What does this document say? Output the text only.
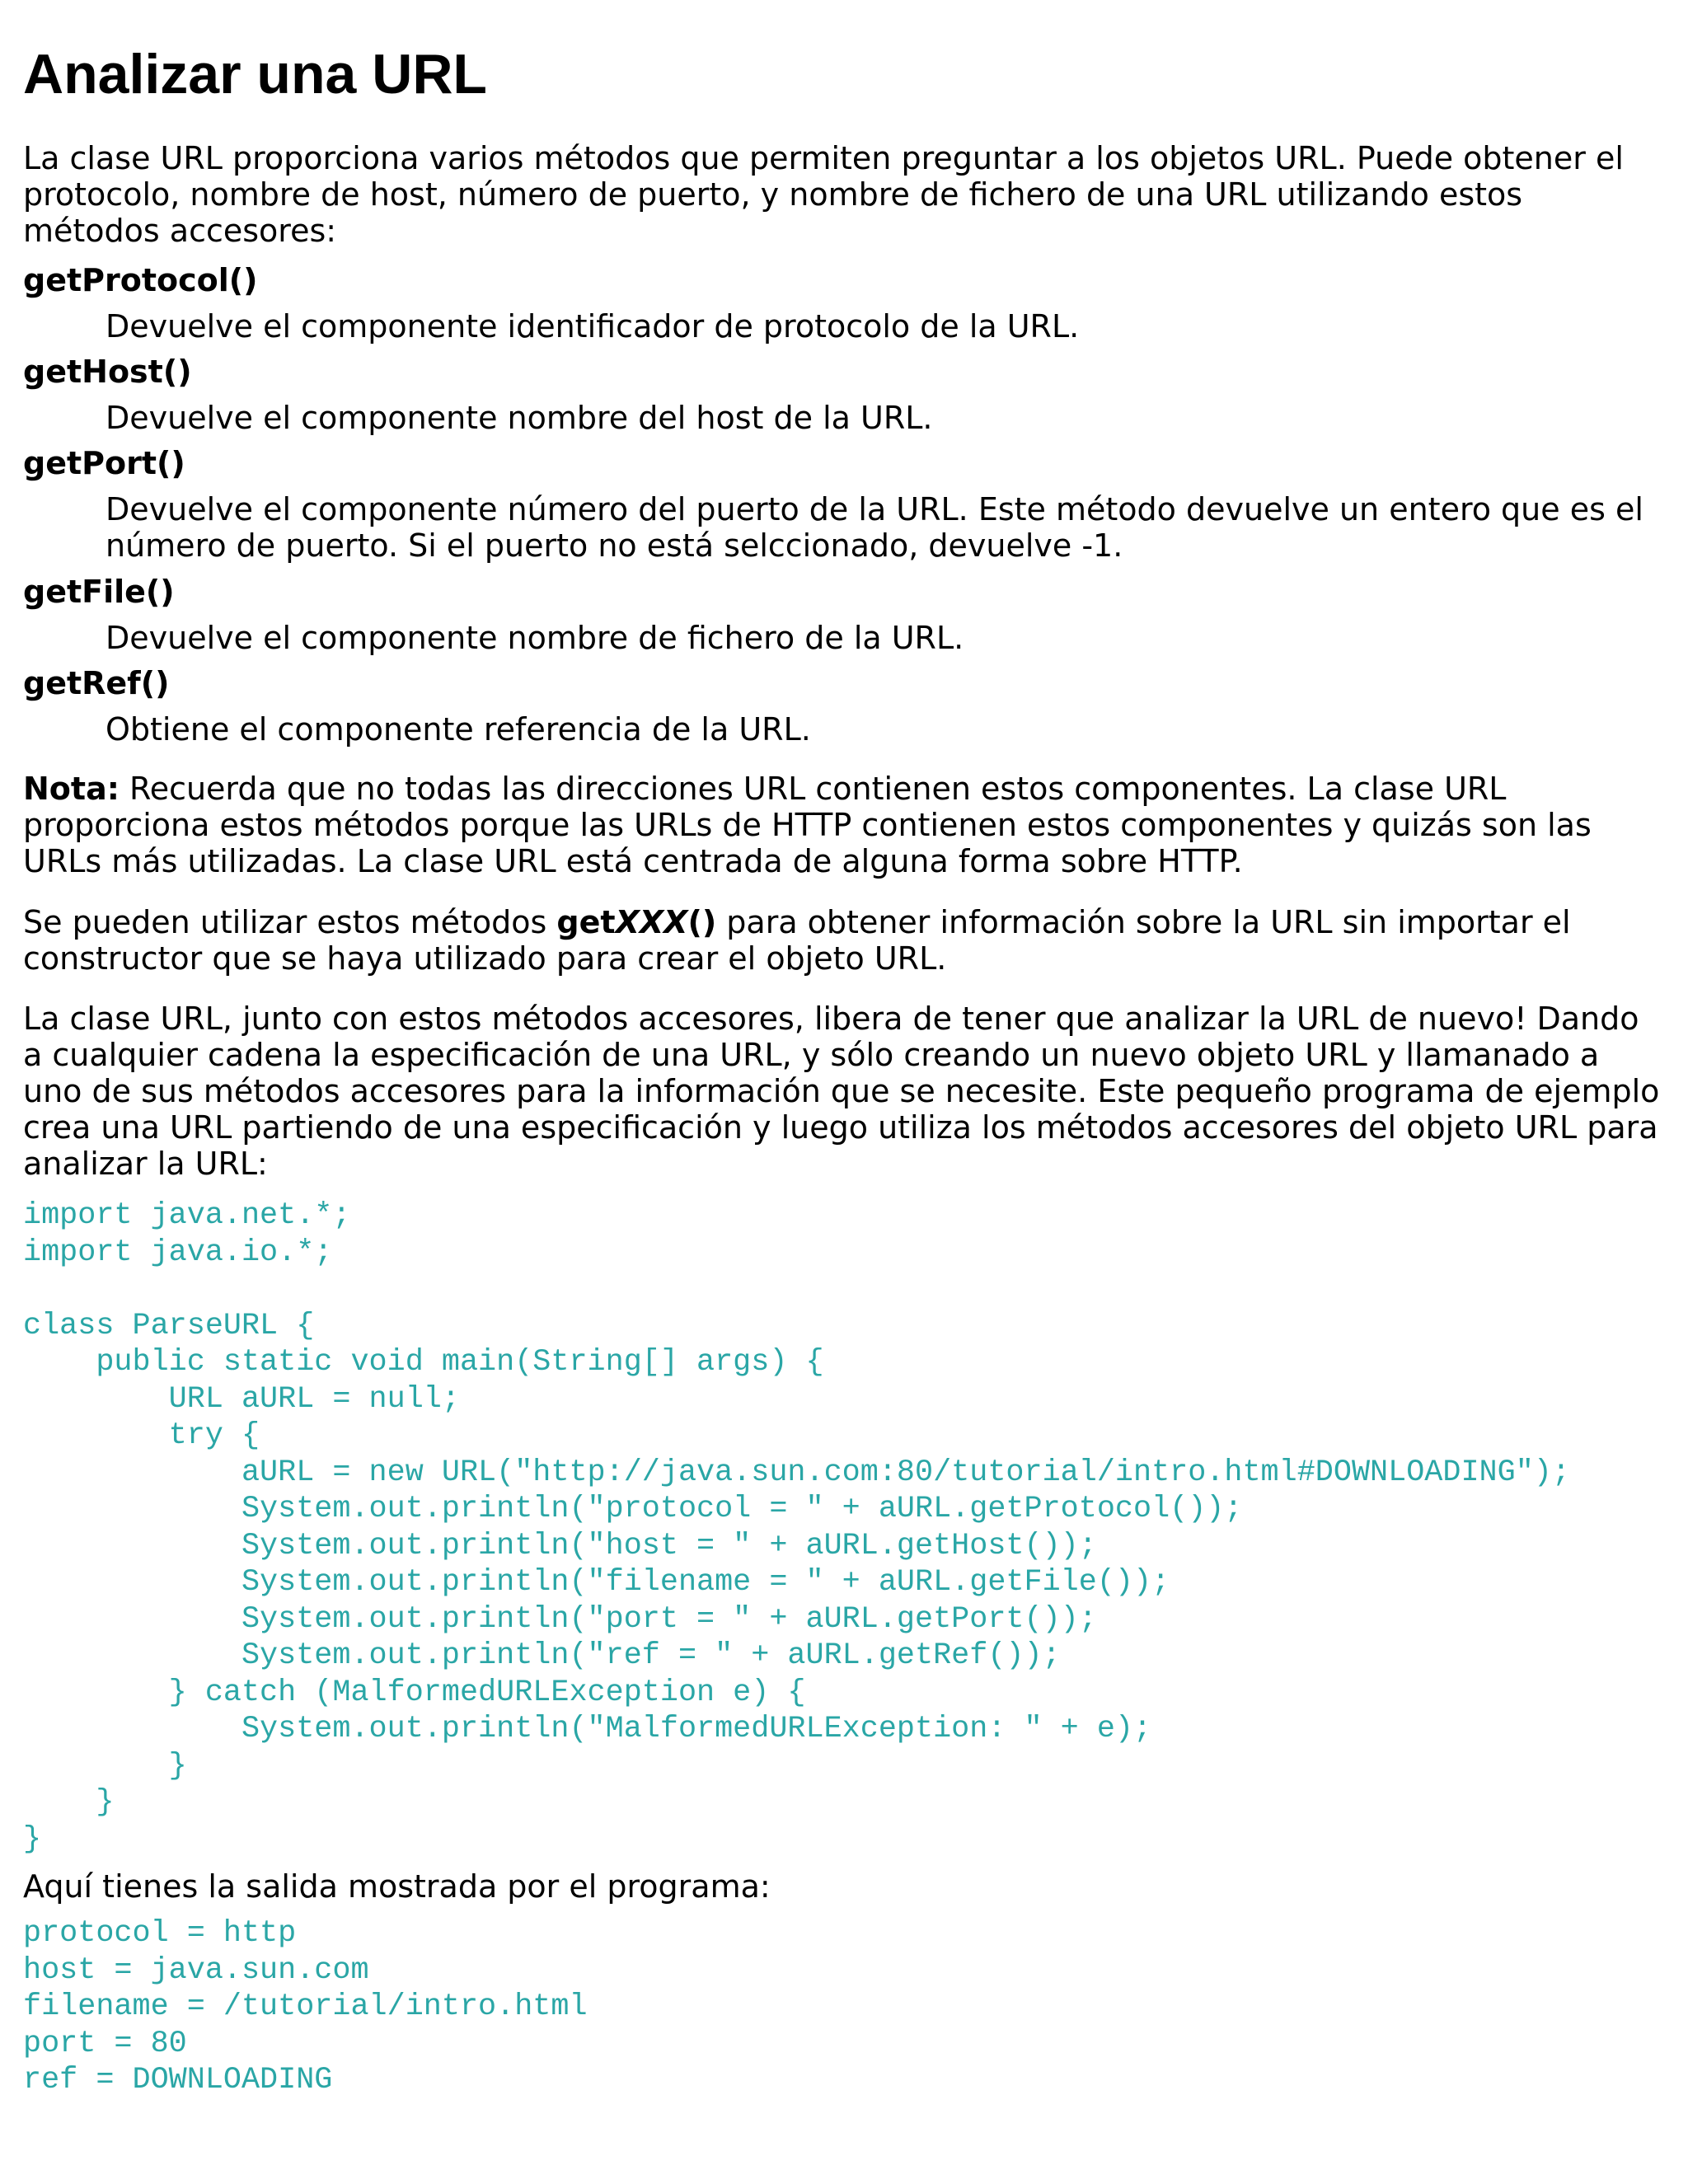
Analizar una URL

La clase URL proporciona varios métodos que permiten preguntar a los objetos URL. Puede obtener el protocolo, nombre de host, número de puerto, y nombre de fichero de una URL utilizando estos métodos accesores:

getProtocol()

Devuelve el componente identificador de protocolo de la URL.

getHost()

Devuelve el componente nombre del host de la URL.

getPort()

Devuelve el componente número del puerto de la URL. Este método devuelve un entero que es el número de puerto. Si el puerto no está selccionado, devuelve -1.

getFile()

Devuelve el componente nombre de fichero de la URL.

getRef()

Obtiene el componente referencia de la URL.

Nota: Recuerda que no todas las direcciones URL contienen estos componentes. La clase URL proporciona estos métodos porque las URLs de HTTP contienen estos componentes y quizás son las URLs más utilizadas. La clase URL está centrada de alguna forma sobre HTTP.

Se pueden utilizar estos métodos getXXX() para obtener información sobre la URL sin importar el constructor que se haya utilizado para crear el objeto URL.

La clase URL, junto con estos métodos accesores, libera de tener que analizar la URL de nuevo! Dando a cualquier cadena la especificación de una URL, y sólo creando un nuevo objeto URL y llamanado a uno de sus métodos accesores para la información que se necesite. Este pequeño programa de ejemplo crea una URL partiendo de una especificación y luego utiliza los métodos accesores del objeto URL para analizar la URL:

import java.net.*;
import java.io.*;

class ParseURL {
public static void main(String[] args) {
URL aURL = null;
try {
aURL = new URL("http://java.sun.com:80/tutorial/intro.html#DOWNLOADING");
System.out.println("protocol = " + aURL.getProtocol());
System.out.println("host = " + aURL.getHost());
System.out.println("filename = " + aURL.getFile());
System.out.println("port = " + aURL.getPort());
System.out.println("ref = " + aURL.getRef());
} catch (MalformedURLException e) {
System.out.println("MalformedURLException: " + e);
}
}
}

Aquí tienes la salida mostrada por el programa:

protocol = http
host = java.sun.com
filename = /tutorial/intro.html
port = 80
ref = DOWNLOADING
